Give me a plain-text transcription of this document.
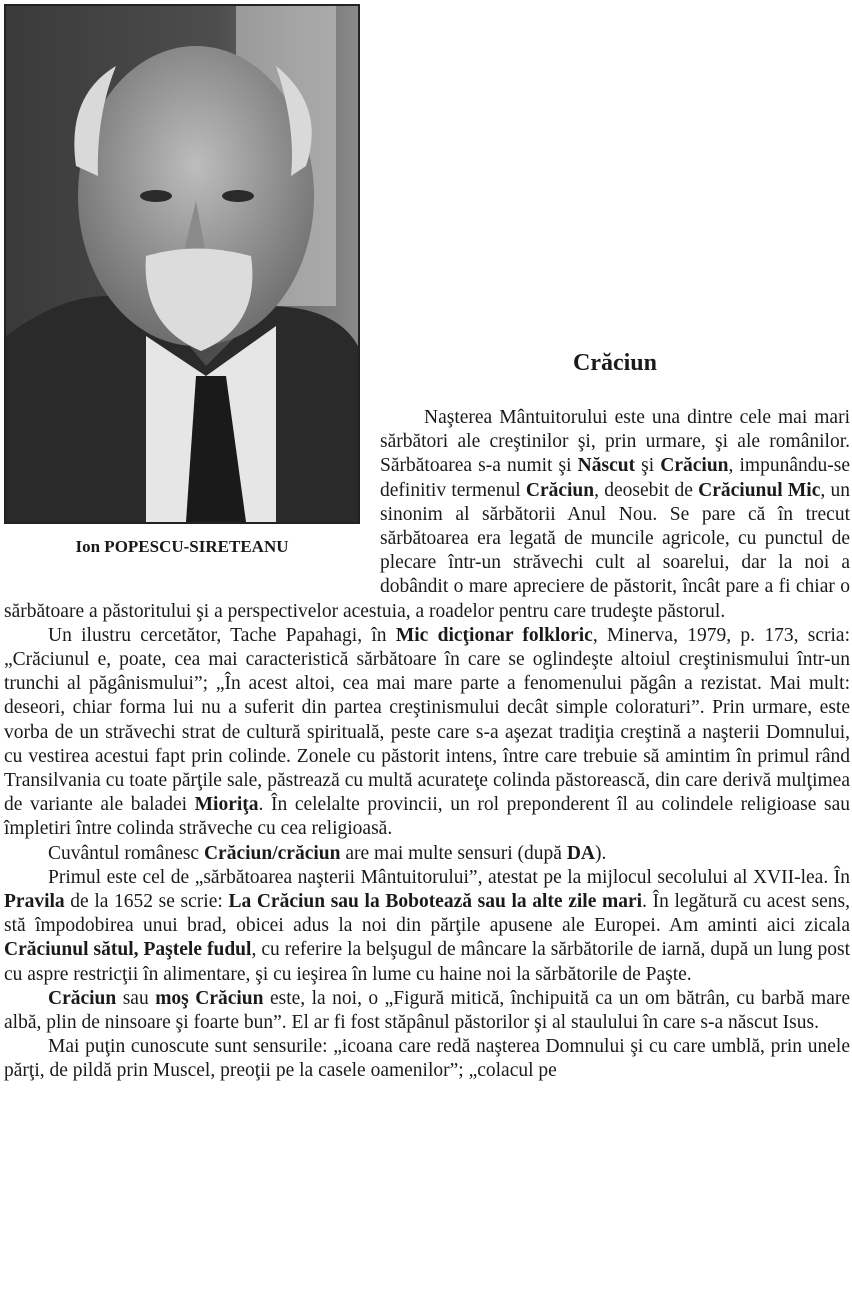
Ion POPESCU-SIRETEANU
Crăciun

Naşterea Mântuitorului este una dintre cele mai mari sărbători ale creştinilor şi, prin urmare, şi ale românilor. Sărbătoarea s-a numit şi Născut şi Crăciun, impunându-se definitiv termenul Crăciun, deosebit de Crăciunul Mic, un sinonim al sărbătorii Anul Nou. Se pare că în trecut sărbătoarea era legată de muncile agricole, cu punctul de plecare într-un străvechi cult al soarelui, dar la noi a dobândit o mare apreciere de păstorit, încât pare a fi chiar o sărbătoare a păstoritului şi a perspectivelor acestuia, a roadelor pentru care trudeşte păstorul.

Un ilustru cercetător, Tache Papahagi, în Mic dicţionar folkloric, Minerva, 1979, p. 173, scria: „Crăciunul e, poate, cea mai caracteristică sărbătoare în care se oglindeşte altoiul creştinismului într-un trunchi al păgânismului”; „În acest altoi, cea mai mare parte a fenomenului păgân a rezistat. Mai mult: deseori, chiar forma lui nu a suferit din partea creştinismului decât simple coloraturi”. Prin urmare, este vorba de un străvechi strat de cultură spirituală, peste care s-a aşezat tradiţia creştină a naşterii Domnului, cu vestirea acestui fapt prin colinde. Zonele cu păstorit intens, între care trebuie să amintim în primul rând Transilvania cu toate părţile sale, păstrează cu multă acurateţe colinda păstorească, din care derivă mulţimea de variante ale baladei Mioriţa. În celelalte provincii, un rol preponderent îl au colindele religioase sau împletiri între colinda străveche cu cea religioasă.

Cuvântul românesc Crăciun/crăciun are mai multe sensuri (după DA).

Primul este cel de „sărbătoarea naşterii Mântuitorului”, atestat pe la mijlocul secolului al XVII-lea. În Pravila de la 1652 se scrie: La Crăciun sau la Bobotează sau la alte zile mari. În legătură cu acest sens, stă împodobirea unui brad, obicei adus la noi din părţile apusene ale Europei. Am aminti aici zicala Crăciunul sătul, Paştele fudul, cu referire la belşugul de mâncare la sărbătorile de iarnă, după un lung post cu aspre restricţii în alimentare, şi cu ieşirea în lume cu haine noi la sărbătorile de Paşte.

Crăciun sau moş Crăciun este, la noi, o „Figură mitică, închipuită ca un om bătrân, cu barbă mare albă, plin de ninsoare şi foarte bun”. El ar fi fost stăpânul păstorilor şi al staulului în care s-a născut Isus.

Mai puţin cunoscute sunt sensurile: „icoana care redă naşterea Domnului şi cu care umblă, prin unele părţi, de pildă prin Muscel, preoţii pe la casele oamenilor”; „colacul pe
